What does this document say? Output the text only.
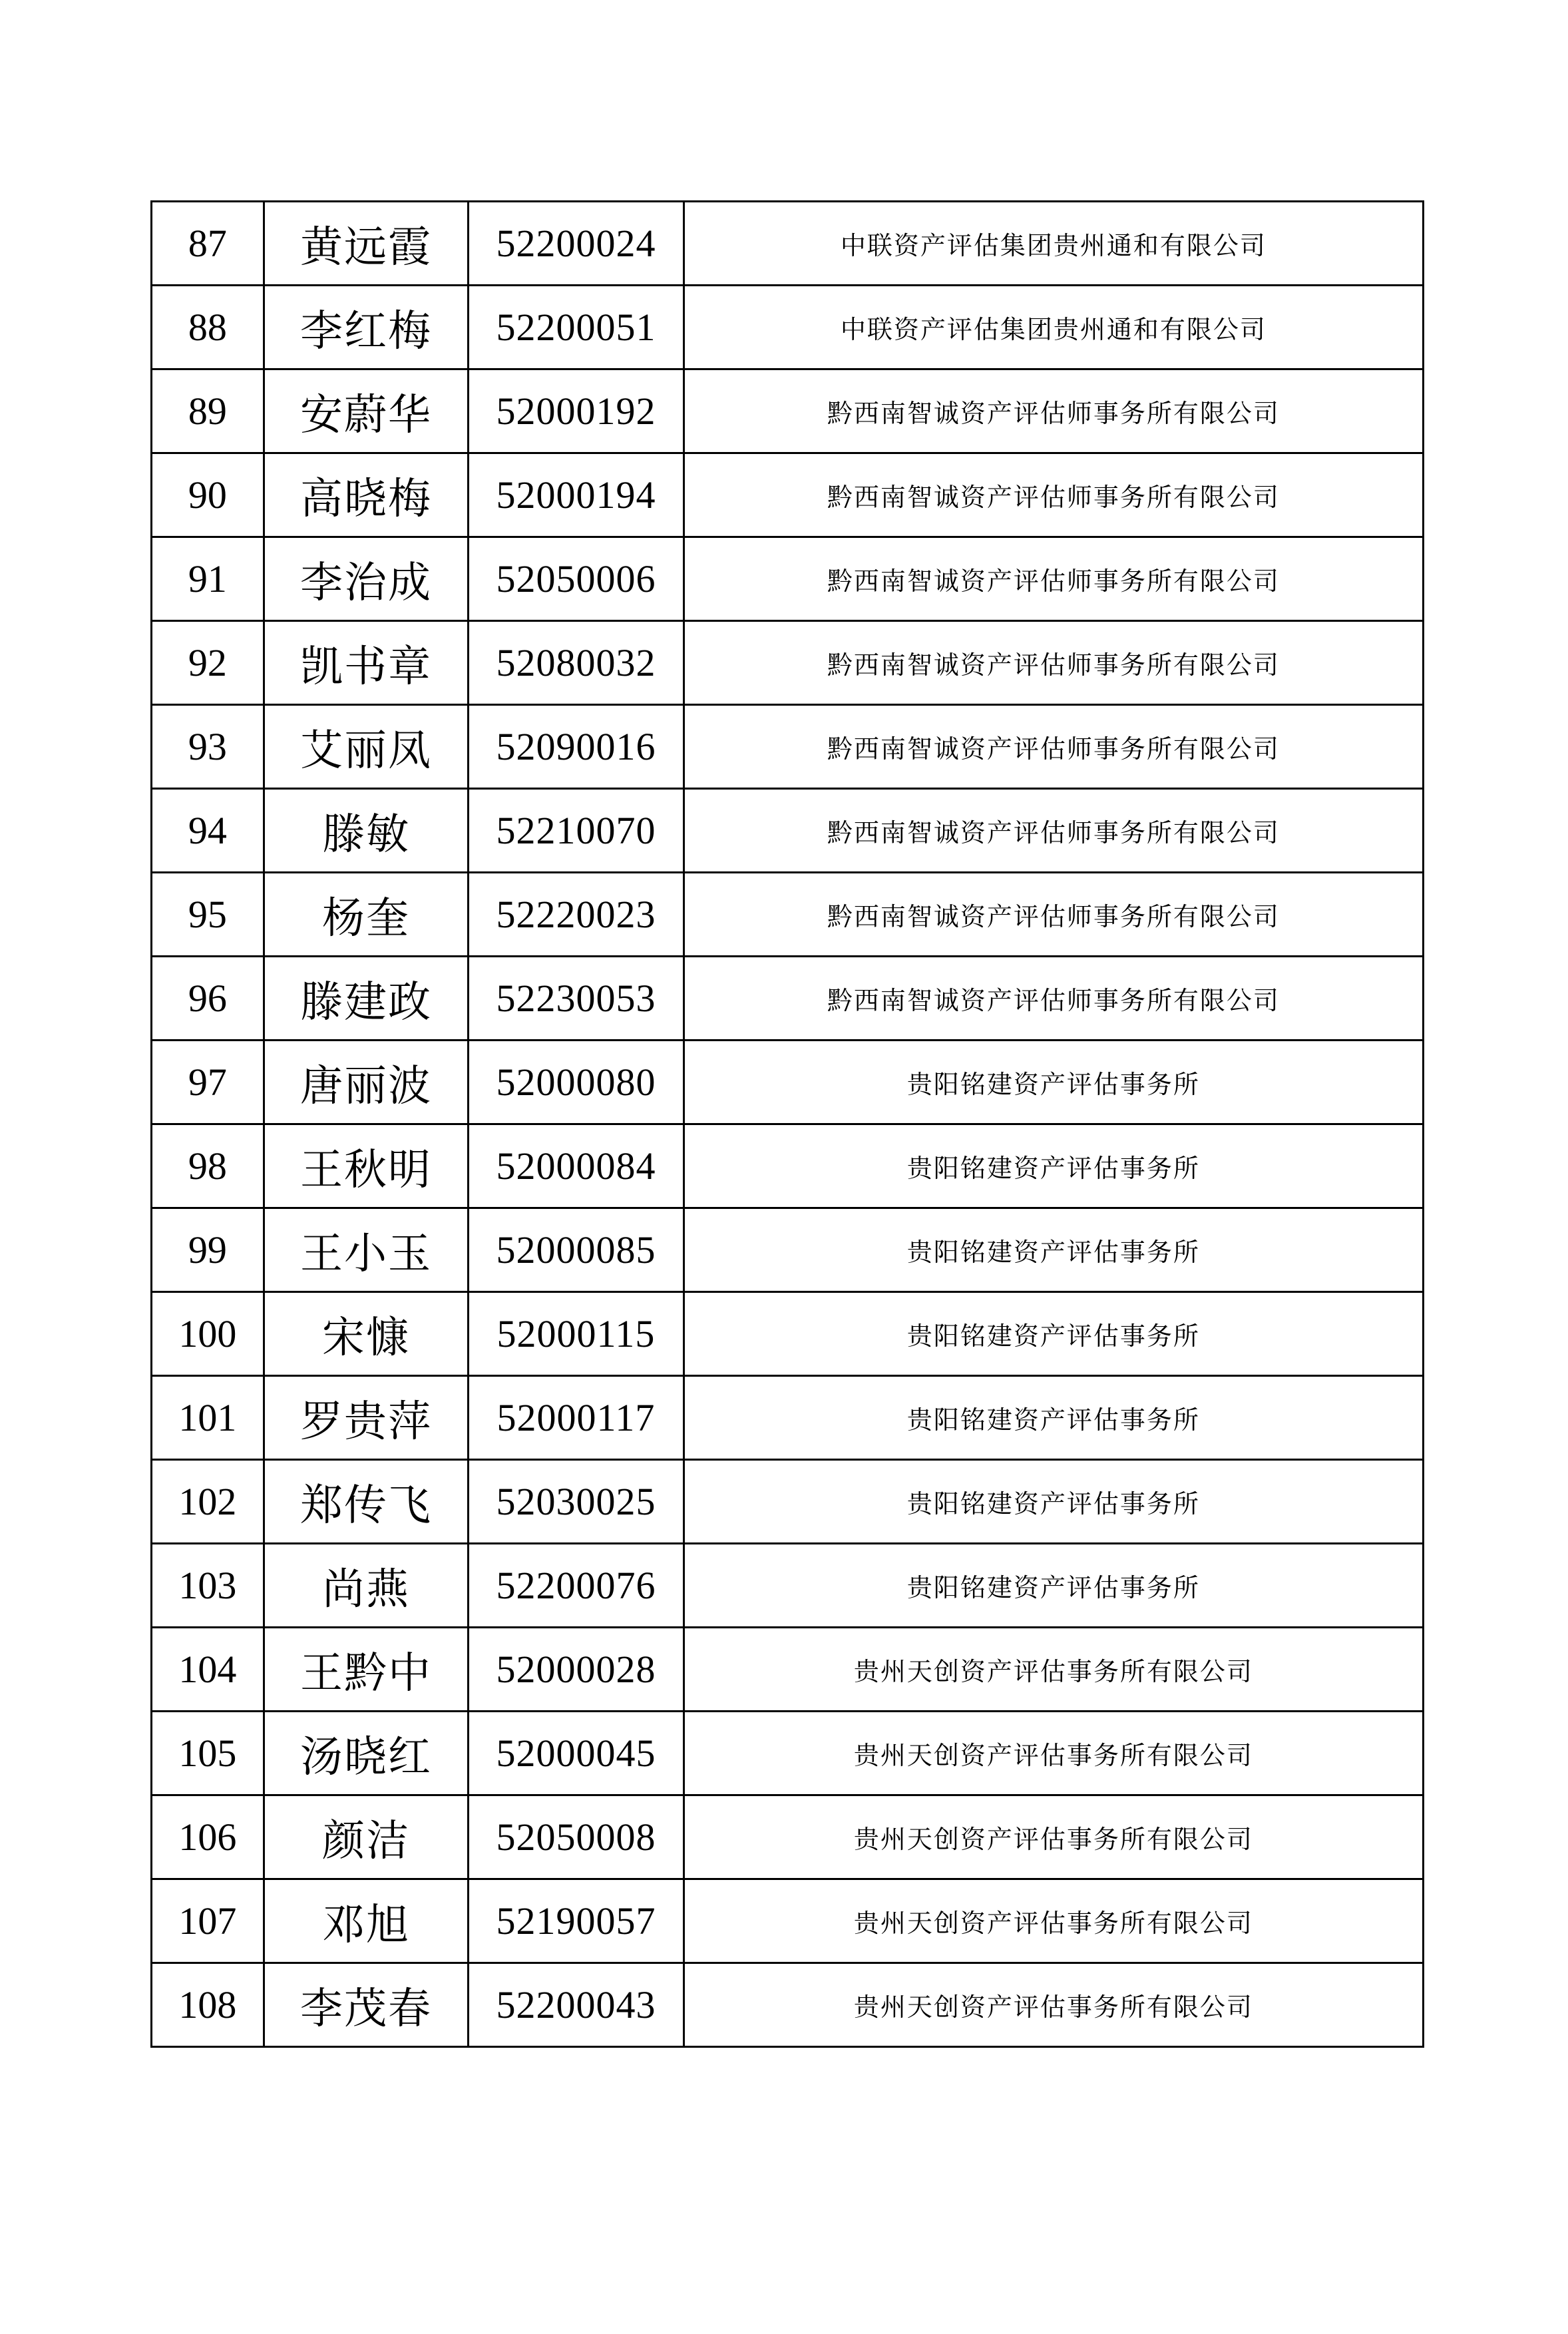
87	黄远霞	52200024	中联资产评估集团贵州通和有限公司
88	李红梅	52200051	中联资产评估集团贵州通和有限公司
89	安蔚华	52000192	黔西南智诚资产评估师事务所有限公司
90	高晓梅	52000194	黔西南智诚资产评估师事务所有限公司
91	李治成	52050006	黔西南智诚资产评估师事务所有限公司
92	凯书章	52080032	黔西南智诚资产评估师事务所有限公司
93	艾丽凤	52090016	黔西南智诚资产评估师事务所有限公司
94	滕敏	52210070	黔西南智诚资产评估师事务所有限公司
95	杨奎	52220023	黔西南智诚资产评估师事务所有限公司
96	滕建政	52230053	黔西南智诚资产评估师事务所有限公司
97	唐丽波	52000080	贵阳铭建资产评估事务所
98	王秋明	52000084	贵阳铭建资产评估事务所
99	王小玉	52000085	贵阳铭建资产评估事务所
100	宋慷	52000115	贵阳铭建资产评估事务所
101	罗贵萍	52000117	贵阳铭建资产评估事务所
102	郑传飞	52030025	贵阳铭建资产评估事务所
103	尚燕	52200076	贵阳铭建资产评估事务所
104	王黔中	52000028	贵州天创资产评估事务所有限公司
105	汤晓红	52000045	贵州天创资产评估事务所有限公司
106	颜洁	52050008	贵州天创资产评估事务所有限公司
107	邓旭	52190057	贵州天创资产评估事务所有限公司
108	李茂春	52200043	贵州天创资产评估事务所有限公司
